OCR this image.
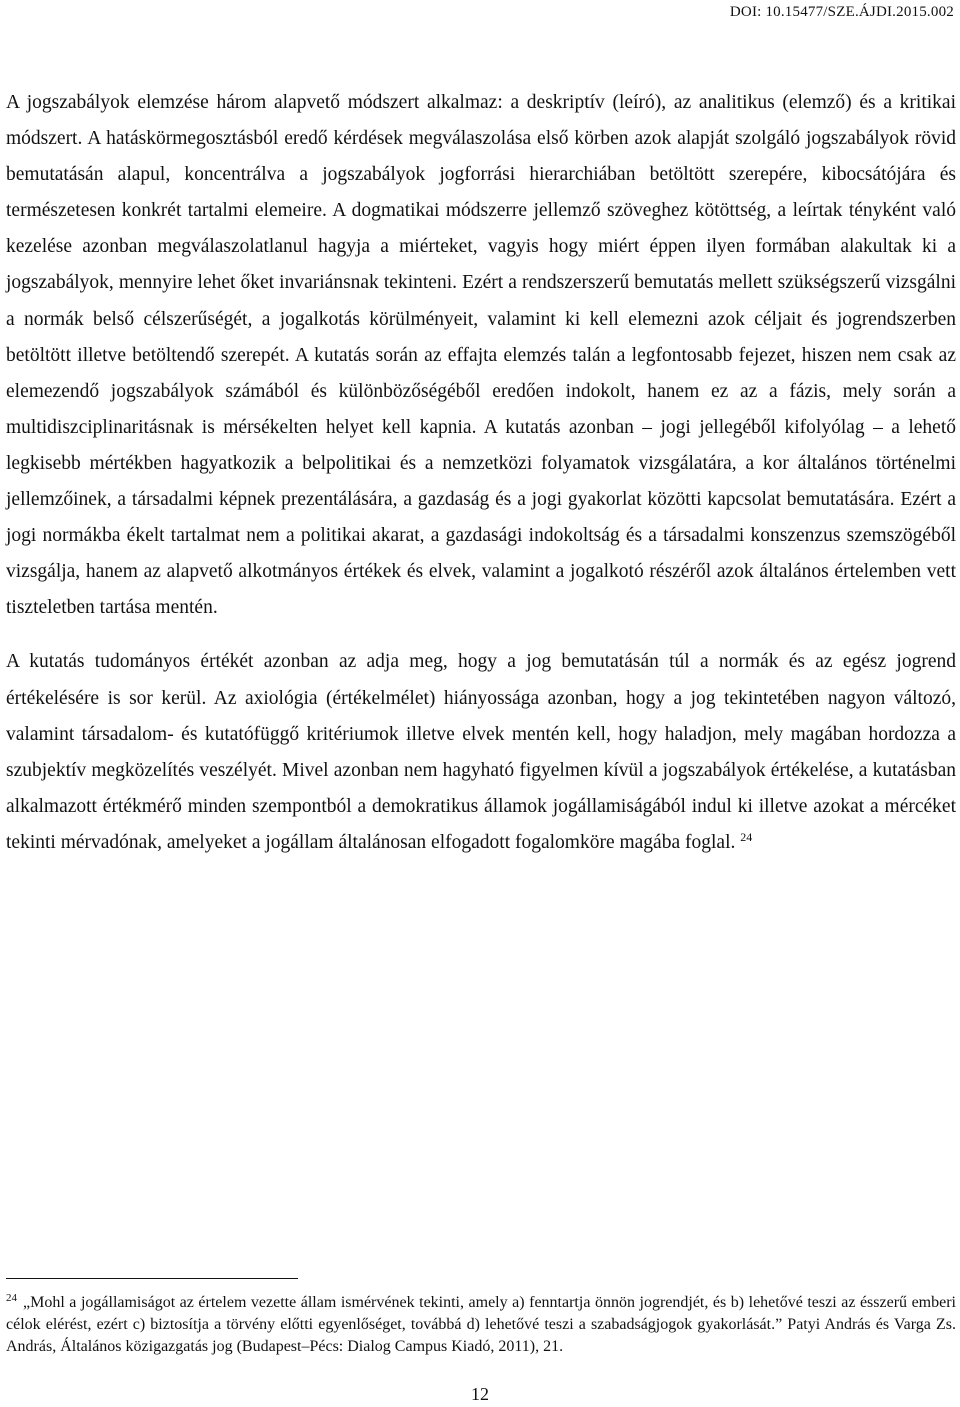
DOI: 10.15477/SZE.ÁJDI.2015.002

A jogszabályok elemzése három alapvető módszert alkalmaz: a deskriptív (leíró), az analitikus (elemző) és a kritikai módszert. A hatáskörmegosztásból eredő kérdések megválaszolása első körben azok alapját szolgáló jogszabályok rövid bemutatásán alapul, koncentrálva a jogszabályok jogforrási hierarchiában betöltött szerepére, kibocsátójára és természetesen konkrét tartalmi elemeire. A dogmatikai módszerre jellemző szöveghez kötöttség, a leírtak tényként való kezelése azonban megválaszolatlanul hagyja a miérteket, vagyis hogy miért éppen ilyen formában alakultak ki a jogszabályok, mennyire lehet őket invariánsnak tekinteni. Ezért a rendszerszerű bemutatás mellett szükségszerű vizsgálni a normák belső célszerűségét, a jogalkotás körülményeit, valamint ki kell elemezni azok céljait és jogrendszerben betöltött illetve betöltendő szerepét. A kutatás során az effajta elemzés talán a legfontosabb fejezet, hiszen nem csak az elemezendő jogszabályok számából és különbözőségéből eredően indokolt, hanem ez az a fázis, mely során a multidiszciplinaritásnak is mérsékelten helyet kell kapnia. A kutatás azonban ‒ jogi jellegéből kifolyólag ‒ a lehető legkisebb mértékben hagyatkozik a belpolitikai és a nemzetközi folyamatok vizsgálatára, a kor általános történelmi jellemzőinek, a társadalmi képnek prezentálására, a gazdaság és a jogi gyakorlat közötti kapcsolat bemutatására. Ezért a jogi normákba ékelt tartalmat nem a politikai akarat, a gazdasági indokoltság és a társadalmi konszenzus szemszögéből vizsgálja, hanem az alapvető alkotmányos értékek és elvek, valamint a jogalkotó részéről azok általános értelemben vett tiszteletben tartása mentén.

A kutatás tudományos értékét azonban az adja meg, hogy a jog bemutatásán túl a normák és az egész jogrend értékelésére is sor kerül. Az axiológia (értékelmélet) hiányossága azonban, hogy a jog tekintetében nagyon változó, valamint társadalom- és kutatófüggő kritériumok illetve elvek mentén kell, hogy haladjon, mely magában hordozza a szubjektív megközelítés veszélyét. Mivel azonban nem hagyható figyelmen kívül a jogszabályok értékelése, a kutatásban alkalmazott értékmérő minden szempontból a demokratikus államok jogállamiságából indul ki illetve azokat a mércéket tekinti mérvadónak, amelyeket a jogállam általánosan elfogadott fogalomköre magába foglal. $^{24}$

$^{24}$ „Mohl a jogállamiságot az értelem vezette állam ismérvének tekinti, amely a) fenntartja önnön jogrendjét, és b) lehetővé teszi az ésszerű emberi célok elérést, ezért c) biztosítja a törvény előtti egyenlőséget, továbbá d) lehetővé teszi a szabadságjogok gyakorlását.” Patyi András és Varga Zs. András, Általános közigazgatás jog (Budapest‒Pécs: Dialog Campus Kiadó, 2011), 21.
12
